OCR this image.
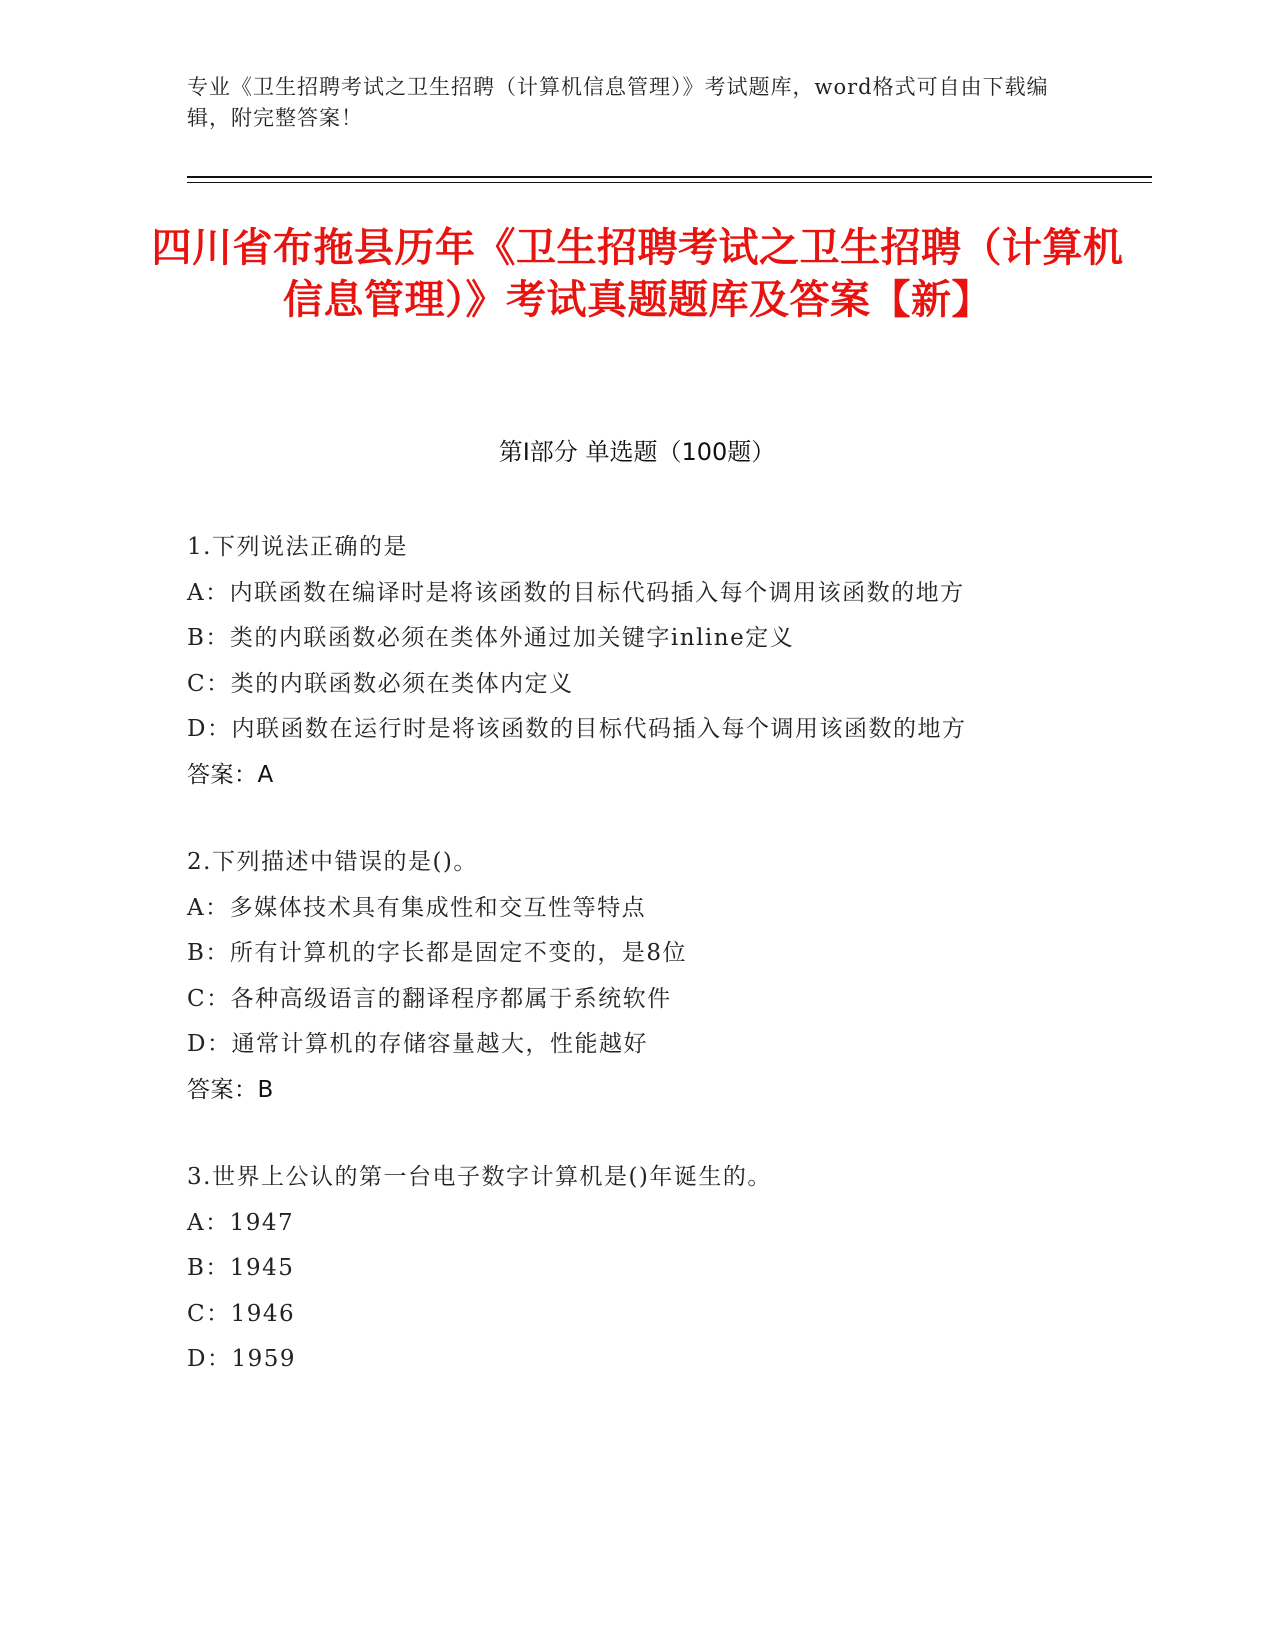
专业《卫生招聘考试之卫生招聘（计算机信息管理）》考试题库，word格式可自由下载编辑，附完整答案！
四川省布拖县历年《卫生招聘考试之卫生招聘（计算机信息管理）》考试真题题库及答案【新】
第Ⅰ部分 单选题（100题）

1.下列说法正确的是

A：内联函数在编译时是将该函数的目标代码插入每个调用该函数的地方

B：类的内联函数必须在类体外通过加关键字inline定义

C：类的内联函数必须在类体内定义

D：内联函数在运行时是将该函数的目标代码插入每个调用该函数的地方

答案：A

2.下列描述中错误的是()。

A：多媒体技术具有集成性和交互性等特点

B：所有计算机的字长都是固定不变的，是8位

C：各种高级语言的翻译程序都属于系统软件

D：通常计算机的存储容量越大，性能越好

答案：B

3.世界上公认的第一台电子数字计算机是()年诞生的。

A：1947

B：1945

C：1946

D：1959
